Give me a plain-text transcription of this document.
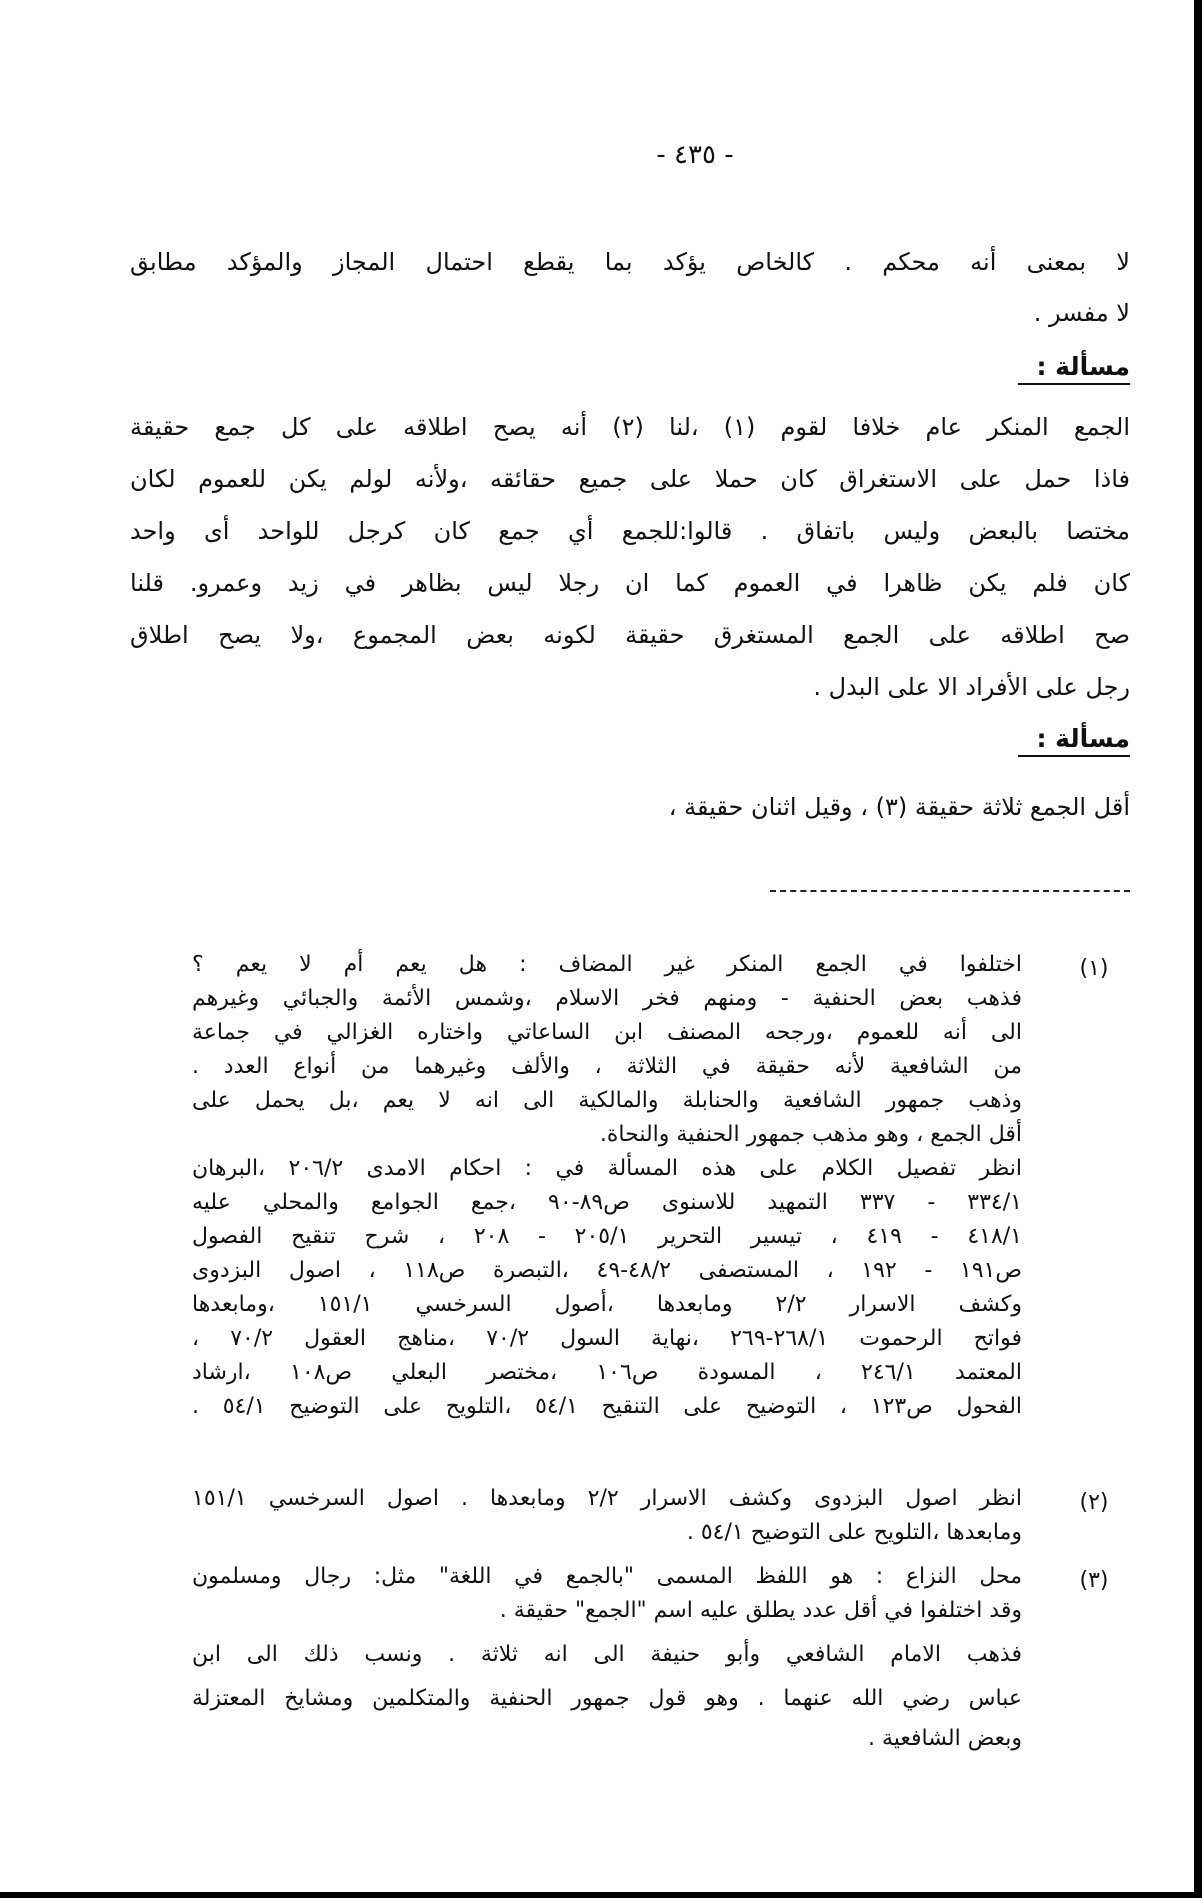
- ٤٣٥ -
لا بمعنى أنه محكم . كالخاص يؤكد بما يقطع احتمال المجاز والمؤكد مطابق
لا مفسر .
مسألة :
الجمع المنكر عام خلافا لقوم (١) ،لنا (٢) أنه يصح اطلاقه على كل جمع حقيقة
فاذا حمل على الاستغراق كان حملا على جميع حقائقه ،ولأنه لولم يكن للعموم لكان
مختصا بالبعض وليس باتفاق . قالوا:للجمع أي جمع كان كرجل للواحد أى واحد
كان فلم يكن ظاهرا في العموم كما ان رجلا ليس بظاهر في زيد وعمرو. قلنا
صح اطلاقه على الجمع المستغرق حقيقة لكونه بعض المجموع ،ولا يصح اطلاق
رجل على الأفراد الا على البدل .
مسألة :
أقل الجمع ثلاثة حقيقة (٣) ، وقيل اثنان حقيقة ،
(١)
اختلفوا في الجمع المنكر غير المضاف : هل يعم أم لا يعم ؟
فذهب بعض الحنفية - ومنهم فخر الاسلام ،وشمس الأئمة والجبائي وغيرهم
الى أنه للعموم ،ورجحه المصنف ابن الساعاتي واختاره الغزالي في جماعة
من الشافعية لأنه حقيقة في الثلاثة ، والألف وغيرهما من أنواع العدد .
وذهب جمهور الشافعية والحنابلة والمالكية الى انه لا يعم ،بل يحمل على
أقل الجمع ، وهو مذهب جمهور الحنفية والنحاة.
انظر تفصيل الكلام على هذه المسألة في : احكام الامدى ٢٠٦/٢ ،البرهان
٣٣٤/١ - ٣٣٧ التمهيد للاسنوى ص٨٩-٩٠ ،جمع الجوامع والمحلي عليه
٤١٨/١ - ٤١٩ ، تيسير التحرير ٢٠٥/١ - ٢٠٨ ، شرح تنقيح الفصول
ص١٩١ - ١٩٢ ، المستصفى ٤٨/٢-٤٩ ،التبصرة ص١١٨ ، اصول البزدوى
وكشف الاسرار ٢/٢ ومابعدها ،أصول السرخسي ١٥١/١ ،ومابعدها
فواتح الرحموت ٢٦٨/١-٢٦٩ ،نهاية السول ٧٠/٢ ،مناهج العقول ٧٠/٢ ،
المعتمد ٢٤٦/١ ، المسودة ص١٠٦ ،مختصر البعلي ص١٠٨ ،ارشاد
الفحول ص١٢٣ ، التوضيح على التنقيح ٥٤/١ ،التلويح على التوضيح ٥٤/١ .
(٢)
انظر اصول البزدوى وكشف الاسرار ٢/٢ ومابعدها . اصول السرخسي ١٥١/١
ومابعدها ،التلويح على التوضيح ٥٤/١ .
(٣)
محل النزاع : هو اللفظ المسمى "بالجمع في اللغة" مثل: رجال ومسلمون
وقد اختلفوا في أقل عدد يطلق عليه اسم "الجمع" حقيقة .
فذهب الامام الشافعي وأبو حنيفة الى انه ثلاثة . ونسب ذلك الى ابن
عباس رضي الله عنهما . وهو قول جمهور الحنفية والمتكلمين ومشايخ المعتزلة
وبعض الشافعية .
